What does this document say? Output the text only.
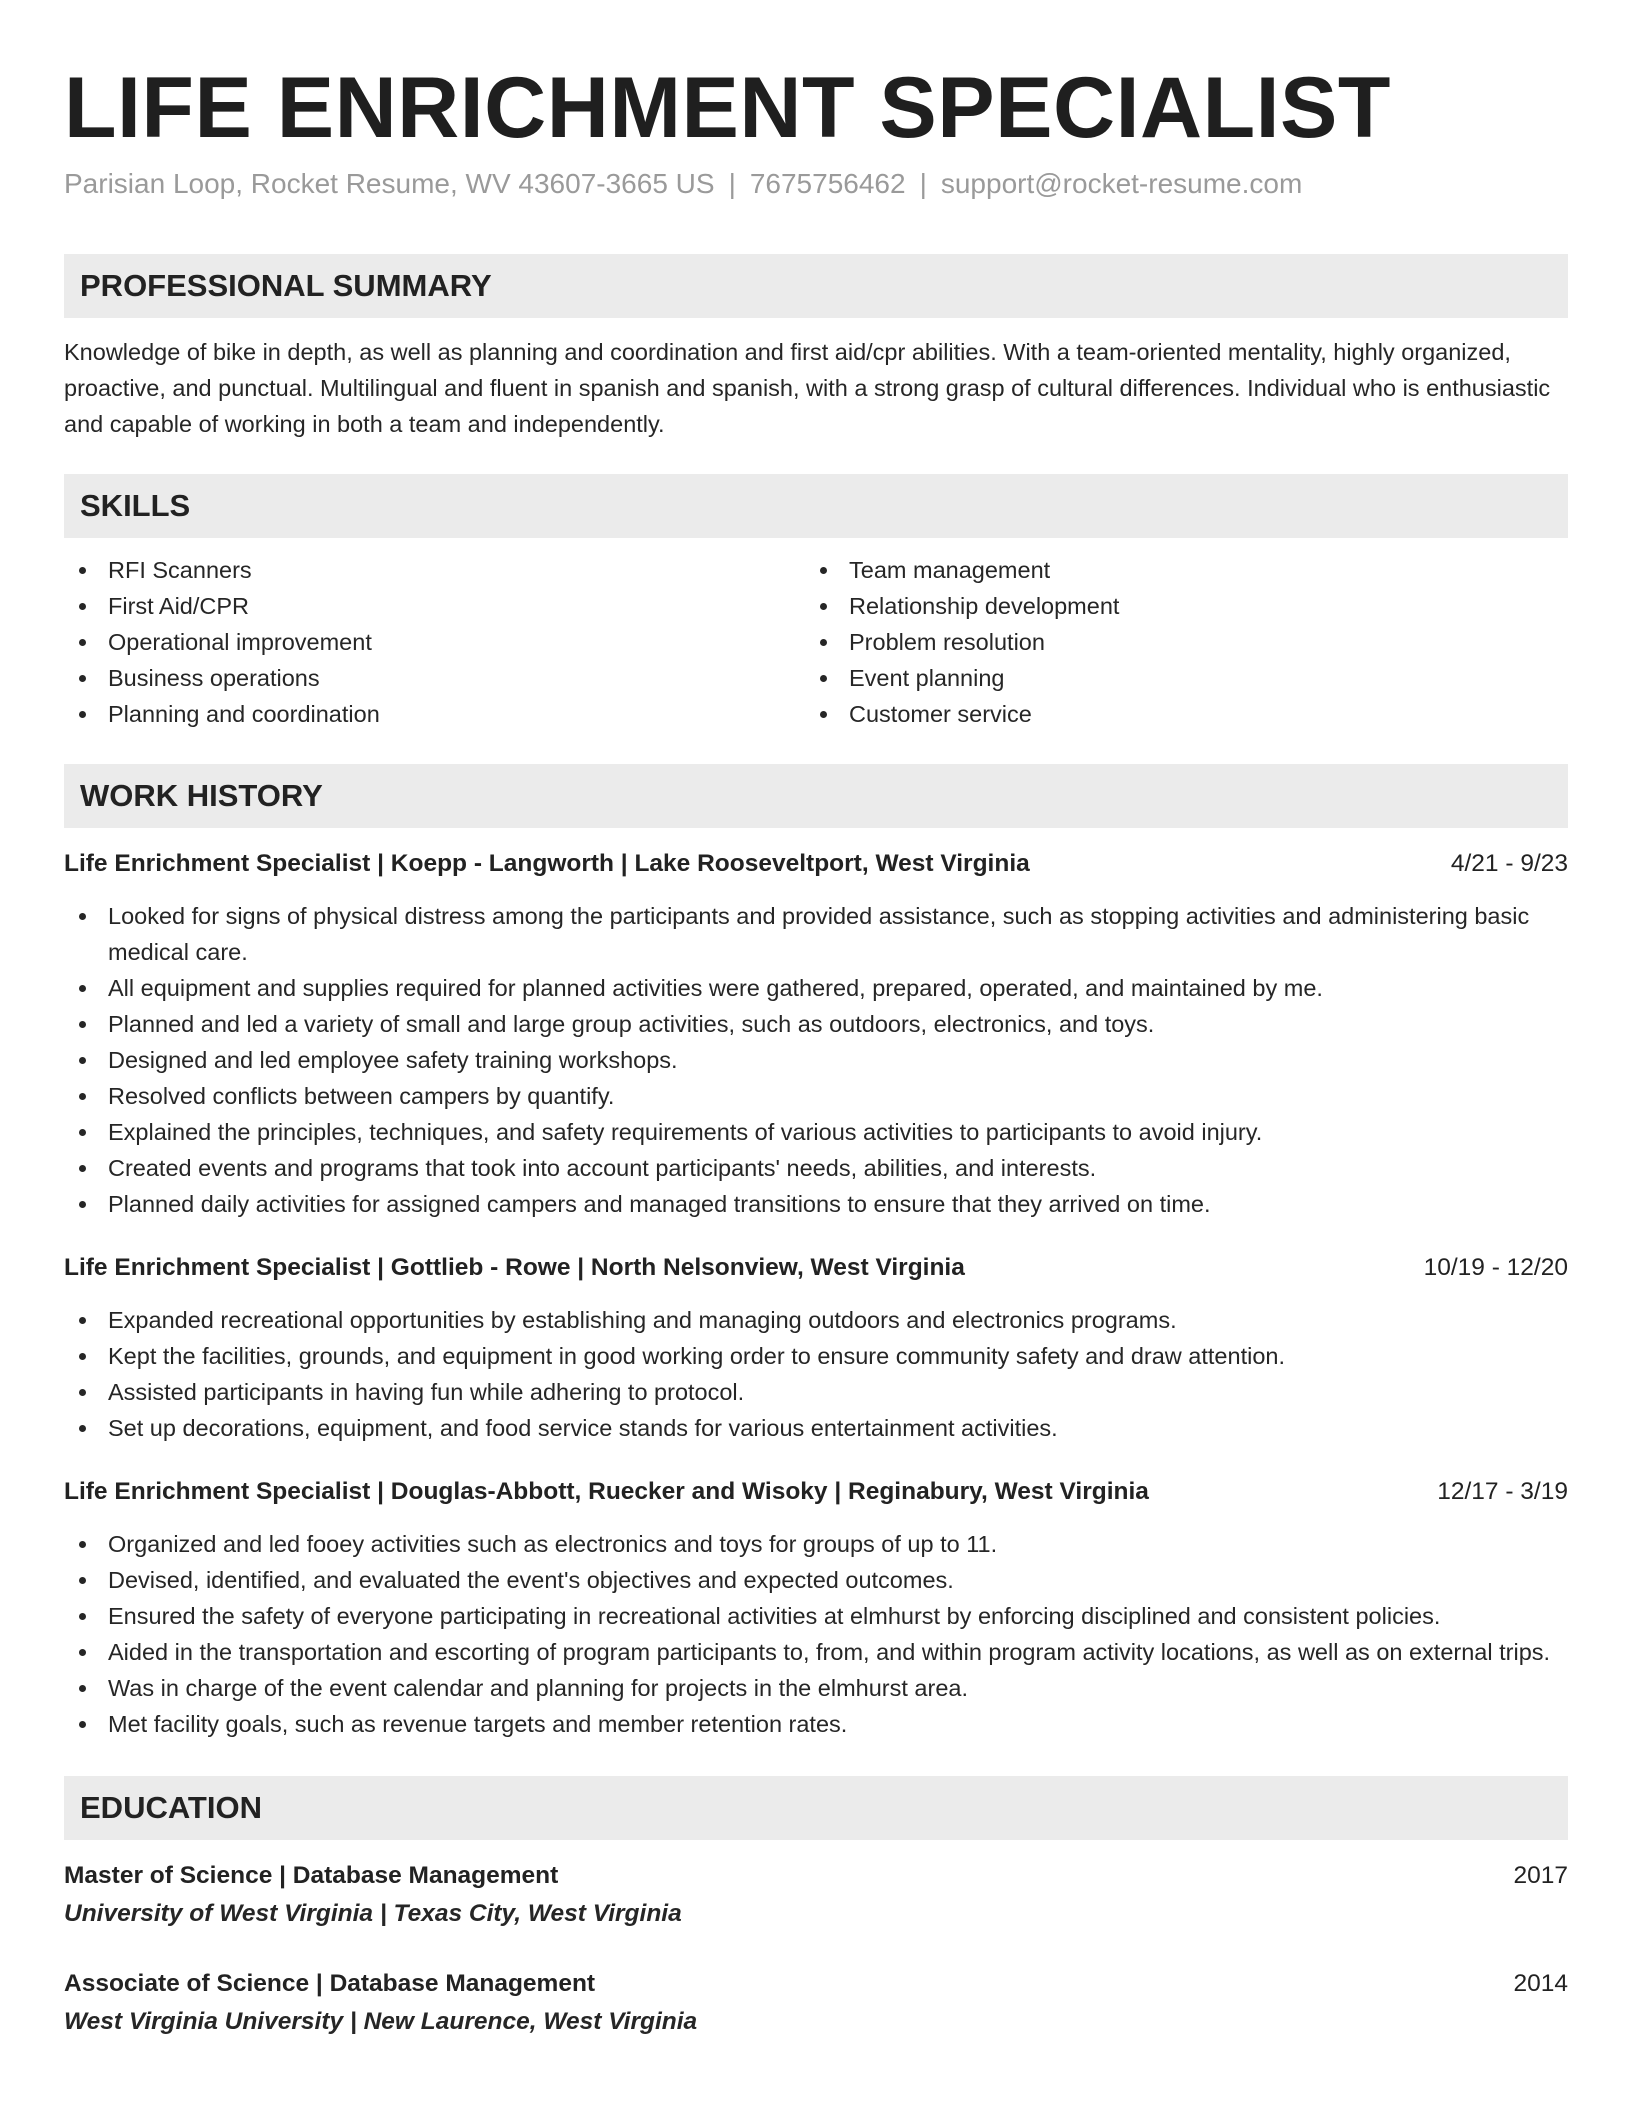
LIFE ENRICHMENT SPECIALIST
Parisian Loop, Rocket Resume, WV 43607-3665 US | 7675756462 | support@rocket-resume.com
PROFESSIONAL SUMMARY

Knowledge of bike in depth, as well as planning and coordination and first aid/cpr abilities. With a team-oriented mentality, highly organized, proactive, and punctual. Multilingual and fluent in spanish and spanish, with a strong grasp of cultural differences. Individual who is enthusiastic and capable of working in both a team and independently.

SKILLS
RFI Scanners
First Aid/CPR
Operational improvement
Business operations
Planning and coordination
Team management
Relationship development
Problem resolution
Event planning
Customer service
WORK HISTORY
Life Enrichment Specialist | Koepp - Langworth | Lake Rooseveltport, West Virginia	4/21 - 9/23
Looked for signs of physical distress among the participants and provided assistance, such as stopping activities and administering basic medical care.
All equipment and supplies required for planned activities were gathered, prepared, operated, and maintained by me.
Planned and led a variety of small and large group activities, such as outdoors, electronics, and toys.
Designed and led employee safety training workshops.
Resolved conflicts between campers by quantify.
Explained the principles, techniques, and safety requirements of various activities to participants to avoid injury.
Created events and programs that took into account participants' needs, abilities, and interests.
Planned daily activities for assigned campers and managed transitions to ensure that they arrived on time.
Life Enrichment Specialist | Gottlieb - Rowe | North Nelsonview, West Virginia	10/19 - 12/20
Expanded recreational opportunities by establishing and managing outdoors and electronics programs.
Kept the facilities, grounds, and equipment in good working order to ensure community safety and draw attention.
Assisted participants in having fun while adhering to protocol.
Set up decorations, equipment, and food service stands for various entertainment activities.
Life Enrichment Specialist | Douglas-Abbott, Ruecker and Wisoky | Reginabury, West Virginia	12/17 - 3/19
Organized and led fooey activities such as electronics and toys for groups of up to 11.
Devised, identified, and evaluated the event's objectives and expected outcomes.
Ensured the safety of everyone participating in recreational activities at elmhurst by enforcing disciplined and consistent policies.
Aided in the transportation and escorting of program participants to, from, and within program activity locations, as well as on external trips.
Was in charge of the event calendar and planning for projects in the elmhurst area.
Met facility goals, such as revenue targets and member retention rates.
EDUCATION
Master of Science | Database Management	2017
University of West Virginia | Texas City, West Virginia
Associate of Science | Database Management	2014
West Virginia University | New Laurence, West Virginia
